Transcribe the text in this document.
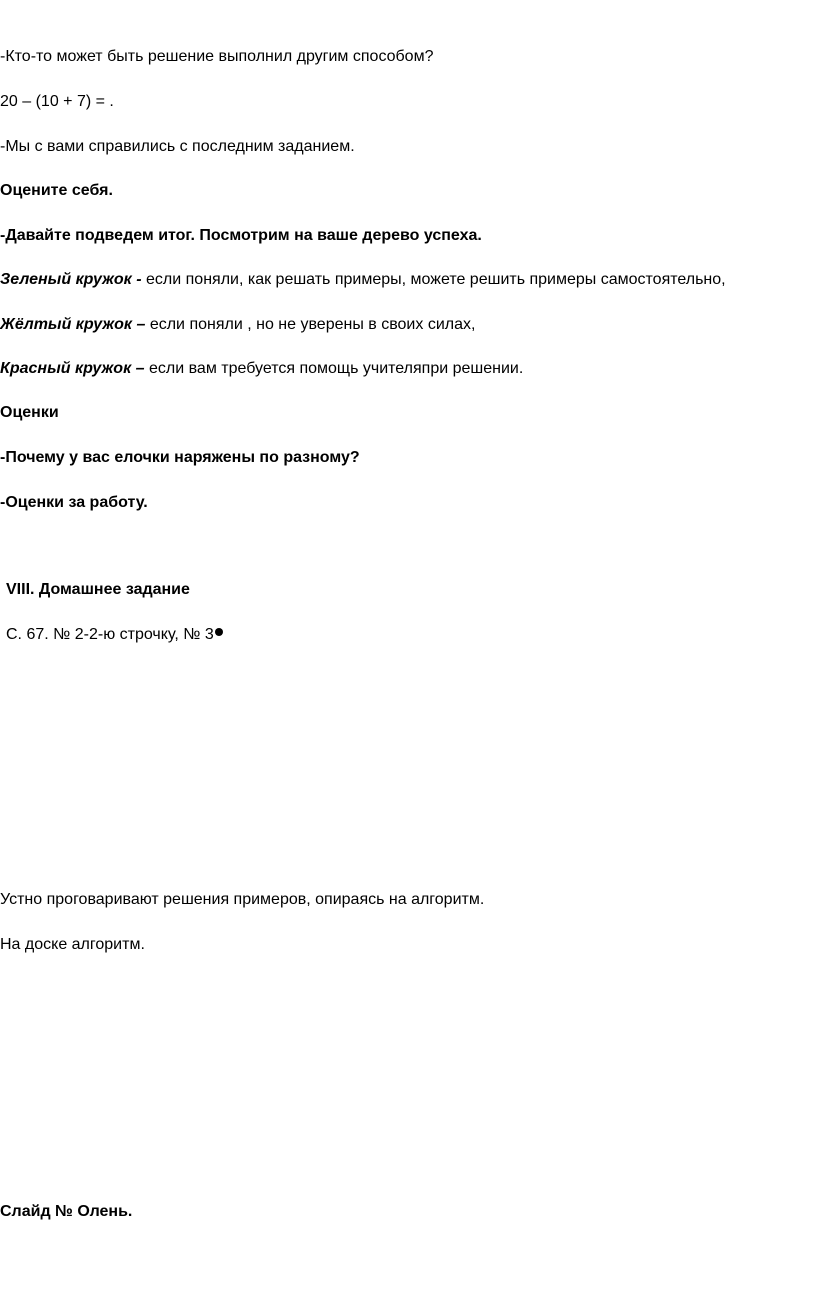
-Кто-то может быть решение выполнил другим способом?
20 – (10 + 7) = .
-Мы с вами справились с последним заданием.
Оцените себя.
-Давайте подведем итог. Посмотрим на ваше дерево успеха.
Зеленый кружок - если поняли, как решать примеры, можете решить примеры самостоятельно,
Жёлтый кружок – если поняли , но не уверены в своих силах,
Красный кружок – если вам требуется помощь учителяпри решении.
Оценки
-Почему у вас елочки наряжены по разному?
-Оценки за работу.
VIII. Домашнее задание
С. 67. № 2-2-ю строчку, № 3
Устно проговаривают решения примеров, опираясь на алгоритм.
На доске алгоритм.
Слайд № Олень.
